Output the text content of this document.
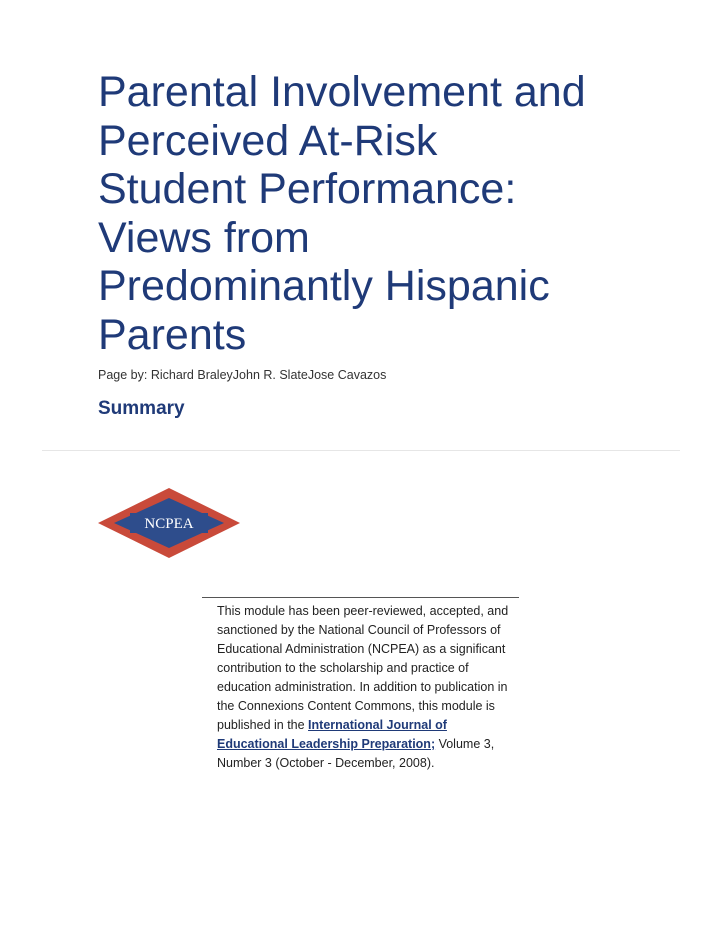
Parental Involvement and
Perceived At-Risk
Student Performance:
Views from
Predominantly Hispanic
Parents

Page by: Richard BraleyJohn R. SlateJose Cavazos

Summary
NCPEA

This module has been peer-reviewed, accepted, and sanctioned by the National Council of Professors of Educational Administration (NCPEA) as a significant contribution to the scholarship and practice of education administration. In addition to publication in the Connexions Content Commons, this module is published in the International Journal of Educational Leadership Preparation; Volume 3, Number 3 (October - December, 2008).
